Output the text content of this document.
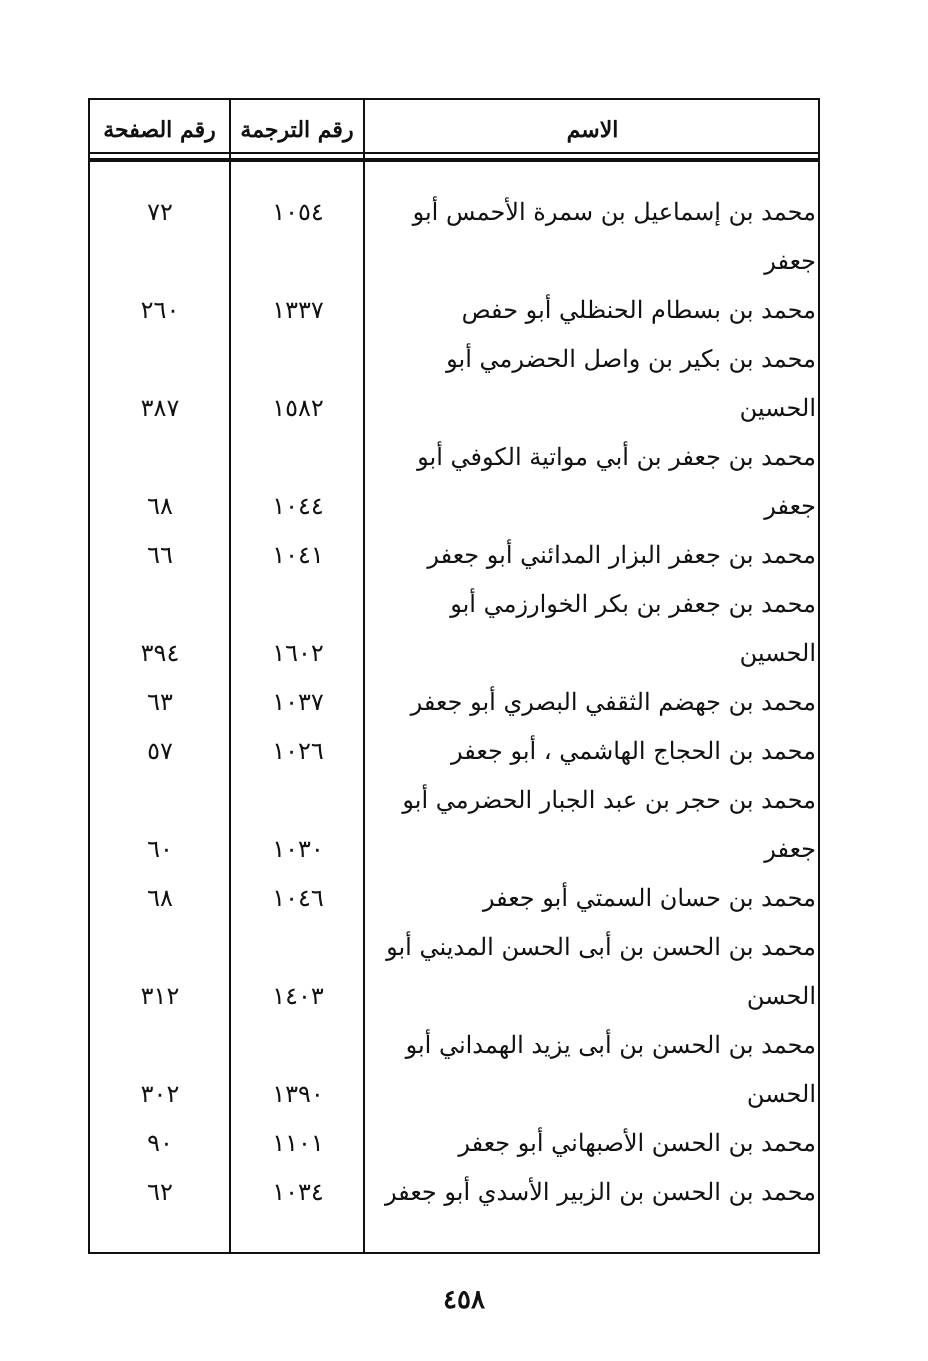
الاسم
رقم الترجمة
رقم الصفحة
محمد بن إسماعيل بن سمرة الأحمس أبو
١٠٥٤
٧٢
جعفر
محمد بن بسطام الحنظلي أبو حفص
١٣٣٧
٢٦٠
محمد بن بكير بن واصل الحضرمي أبو
الحسين
١٥٨٢
٣٨٧
محمد بن جعفر بن أبي مواتية الكوفي أبو
جعفر
١٠٤٤
٦٨
محمد بن جعفر البزار المدائني أبو جعفر
١٠٤١
٦٦
محمد بن جعفر بن بكر الخوارزمي أبو
الحسين
١٦٠٢
٣٩٤
محمد بن جهضم الثقفي البصري أبو جعفر
١٠٣٧
٦٣
محمد بن الحجاج الهاشمي ، أبو جعفر
١٠٢٦
٥٧
محمد بن حجر بن عبد الجبار الحضرمي أبو
جعفر
١٠٣٠
٦٠
محمد بن حسان السمتي أبو جعفر
١٠٤٦
٦٨
محمد بن الحسن بن أبى الحسن المديني أبو
الحسن
١٤٠٣
٣١٢
محمد بن الحسن بن أبى يزيد الهمداني أبو
الحسن
١٣٩٠
٣٠٢
محمد بن الحسن الأصبهاني أبو جعفر
١١٠١
٩٠
محمد بن الحسن بن الزبير الأسدي أبو جعفر
١٠٣٤
٦٢
٤٥٨
